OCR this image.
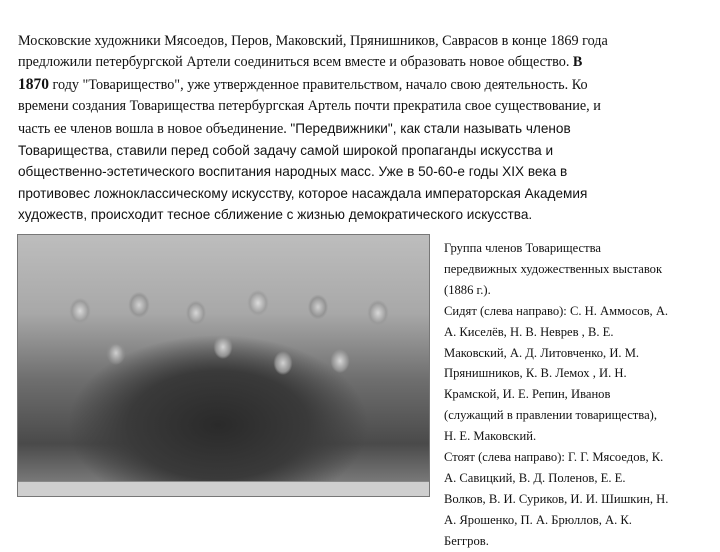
Московские художники Мясоедов, Перов, Маковский, Прянишников, Саврасов в конце 1869 года
предложили петербургской Артели соединиться всем вместе и образовать новое общество. В
1870 году "Товарищество", уже утвержденное правительством, начало свою деятельность. Ко
времени создания Товарищества петербургская Артель почти прекратила свое существование, и
часть ее членов вошла в новое объединение. "Передвижники", как стали называть членов
Товарищества, ставили перед собой задачу самой широкой пропаганды искусства и
общественно-эстетического воспитания народных масс. Уже в 50-60-е годы XIX века в
противовес ложноклассическому искусству, которое насаждала императорская Академия
художеств, происходит тесное сближение с жизнью демократического искусства.
Группа членов Товарищества
передвижных художественных выставок
(1886 г.).
Сидят (слева направо): С. Н. Аммосов, А.
А. Киселёв, Н. В. Неврев , В. Е.
Маковский, А. Д. Литовченко, И. М.
Прянишников, К. В. Лемох , И. Н.
Крамской, И. Е. Репин, Иванов
(служащий в правлении товарищества),
Н. Е. Маковский.
Стоят (слева направо): Г. Г. Мясоедов, К.
А. Савицкий, В. Д. Поленов, Е. Е.
Волков, В. И. Суриков, И. И. Шишкин, Н.
А. Ярошенко, П. А. Брюллов, А. К.
Беггров.
